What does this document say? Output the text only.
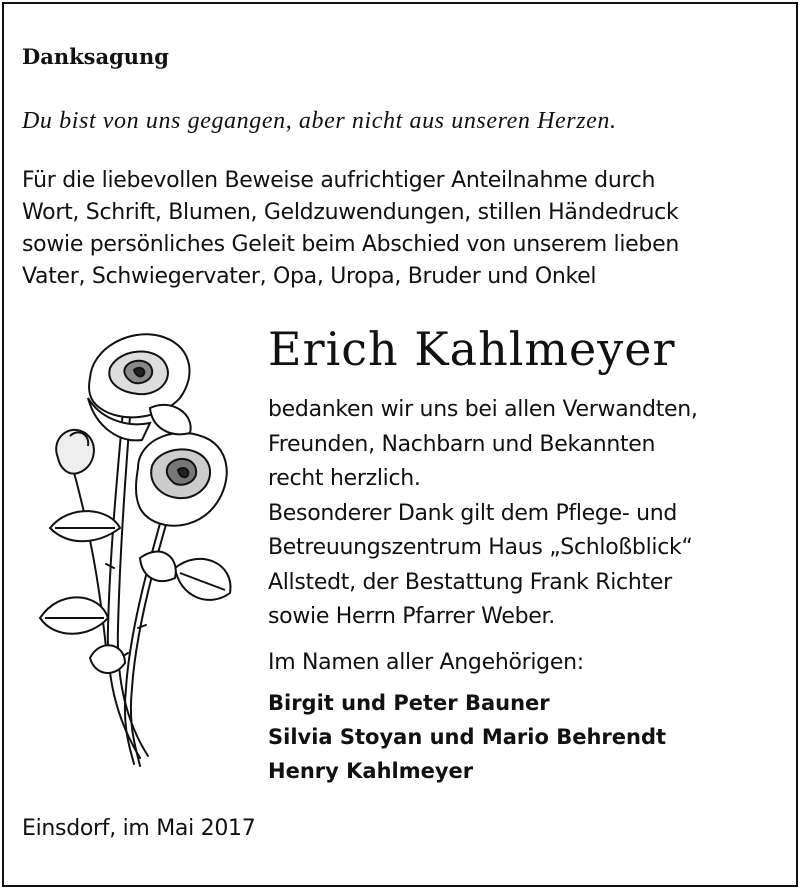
Danksagung
Du bist von uns gegangen, aber nicht aus unseren Herzen.
Für die liebevollen Beweise aufrichtiger Anteilnahme durch
Wort, Schrift, Blumen, Geldzuwendungen, stillen Händedruck
sowie persönliches Geleit beim Abschied von unserem lieben
Vater, Schwiegervater, Opa, Uropa, Bruder und Onkel
Erich Kahlmeyer
bedanken wir uns bei allen Verwandten,
Freunden, Nachbarn und Bekannten
recht herzlich.
Besonderer Dank gilt dem Pflege- und
Betreuungszentrum Haus „Schloßblick“
Allstedt, der Bestattung Frank Richter
sowie Herrn Pfarrer Weber.
Im Namen aller Angehörigen:
Birgit und Peter Bauner
Silvia Stoyan und Mario Behrendt
Henry Kahlmeyer
Einsdorf, im Mai 2017
